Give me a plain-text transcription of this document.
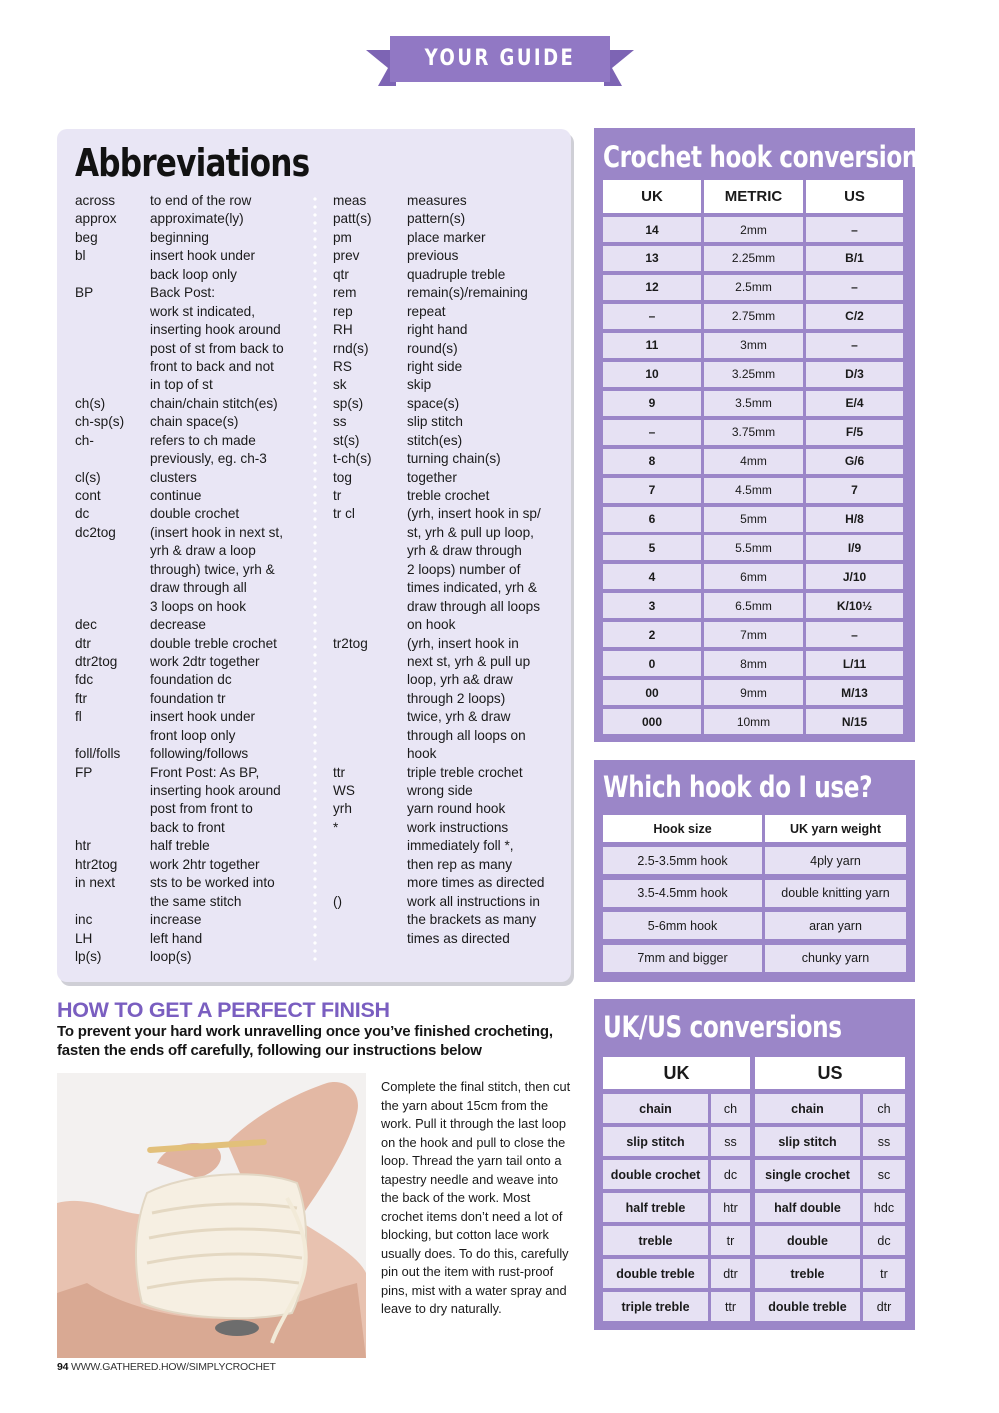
YOUR GUIDE
Abbreviations
across	to end of the row
approx	approximate(ly)
beg	beginning
bl	insert hook under
back loop only
BP	Back Post:
work st indicated,
inserting hook around
post of st from back to
front to back and not
in top of st
ch(s)	chain/chain stitch(es)
ch-sp(s)	chain space(s)
ch-	refers to ch made
previously, eg. ch-3
cl(s)	clusters
cont	continue
dc	double crochet
dc2tog	(insert hook in next st,
yrh & draw a loop
through) twice, yrh &
draw through all
3 loops on hook
dec	decrease
dtr	double treble crochet
dtr2tog	work 2dtr together
fdc	foundation dc
ftr	foundation tr
fl	insert hook under
front loop only
foll/folls	following/follows
FP	Front Post: As BP,
inserting hook around
post from front to
back to front
htr	half treble
htr2tog	work 2htr together
in next	sts to be worked into
the same stitch
inc	increase
LH	left hand
lp(s)	loop(s)
meas	measures
patt(s)	pattern(s)
pm	place marker
prev	previous
qtr	quadruple treble
rem	remain(s)/remaining
rep	repeat
RH	right hand
rnd(s)	round(s)
RS	right side
sk	skip
sp(s)	space(s)
ss	slip stitch
st(s)	stitch(es)
t-ch(s)	turning chain(s)
tog	together
tr	treble crochet
tr cl	(yrh, insert hook in sp/
st, yrh & pull up loop,
yrh & draw through
2 loops) number of
times indicated, yrh &
draw through all loops
on hook
tr2tog	(yrh, insert hook in
next st, yrh & pull up
loop, yrh a& draw
through 2 loops)
twice, yrh & draw
through all loops on
hook
ttr	triple treble crochet
WS	wrong side
yrh	yarn round hook
*	work instructions
immediately foll *,
then rep as many
more times as directed
()	work all instructions in
the brackets as many
times as directed
Crochet hook conversions
UK	METRIC	US
14	2mm	–
13	2.25mm	B/1
12	2.5mm	–
–	2.75mm	C/2
11	3mm	–
10	3.25mm	D/3
9	3.5mm	E/4
–	3.75mm	F/5
8	4mm	G/6
7	4.5mm	7
6	5mm	H/8
5	5.5mm	I/9
4	6mm	J/10
3	6.5mm	K/10½
2	7mm	–
0	8mm	L/11
00	9mm	M/13
000	10mm	N/15
Which hook do I use?
Hook size	UK yarn weight
2.5-3.5mm hook	4ply yarn
3.5-4.5mm hook	double knitting yarn
5-6mm hook	aran yarn
7mm and bigger	chunky yarn
UK/US conversions
UK	US
chain	ch	chain	ch
slip stitch	ss	slip stitch	ss
double crochet	dc	single crochet	sc
half treble	htr	half double	hdc
treble	tr	double	dc
double treble	dtr	treble	tr
triple treble	ttr	double treble	dtr
HOW TO GET A PERFECT FINISH
To prevent your hard work unravelling once you’ve finished crocheting, fasten the ends off carefully, following our instructions below
Complete the final stitch, then cut the yarn about 15cm from the work. Pull it through the last loop on the hook and pull to close the loop. Thread the yarn tail onto a tapestry needle and weave into the back of the work. Most crochet items don’t need a lot of blocking, but cotton lace work usually does. To do this, carefully pin out the item with rust-proof pins, mist with a water spray and leave to dry naturally.
94 WWW.GATHERED.HOW/SIMPLYCROCHET
